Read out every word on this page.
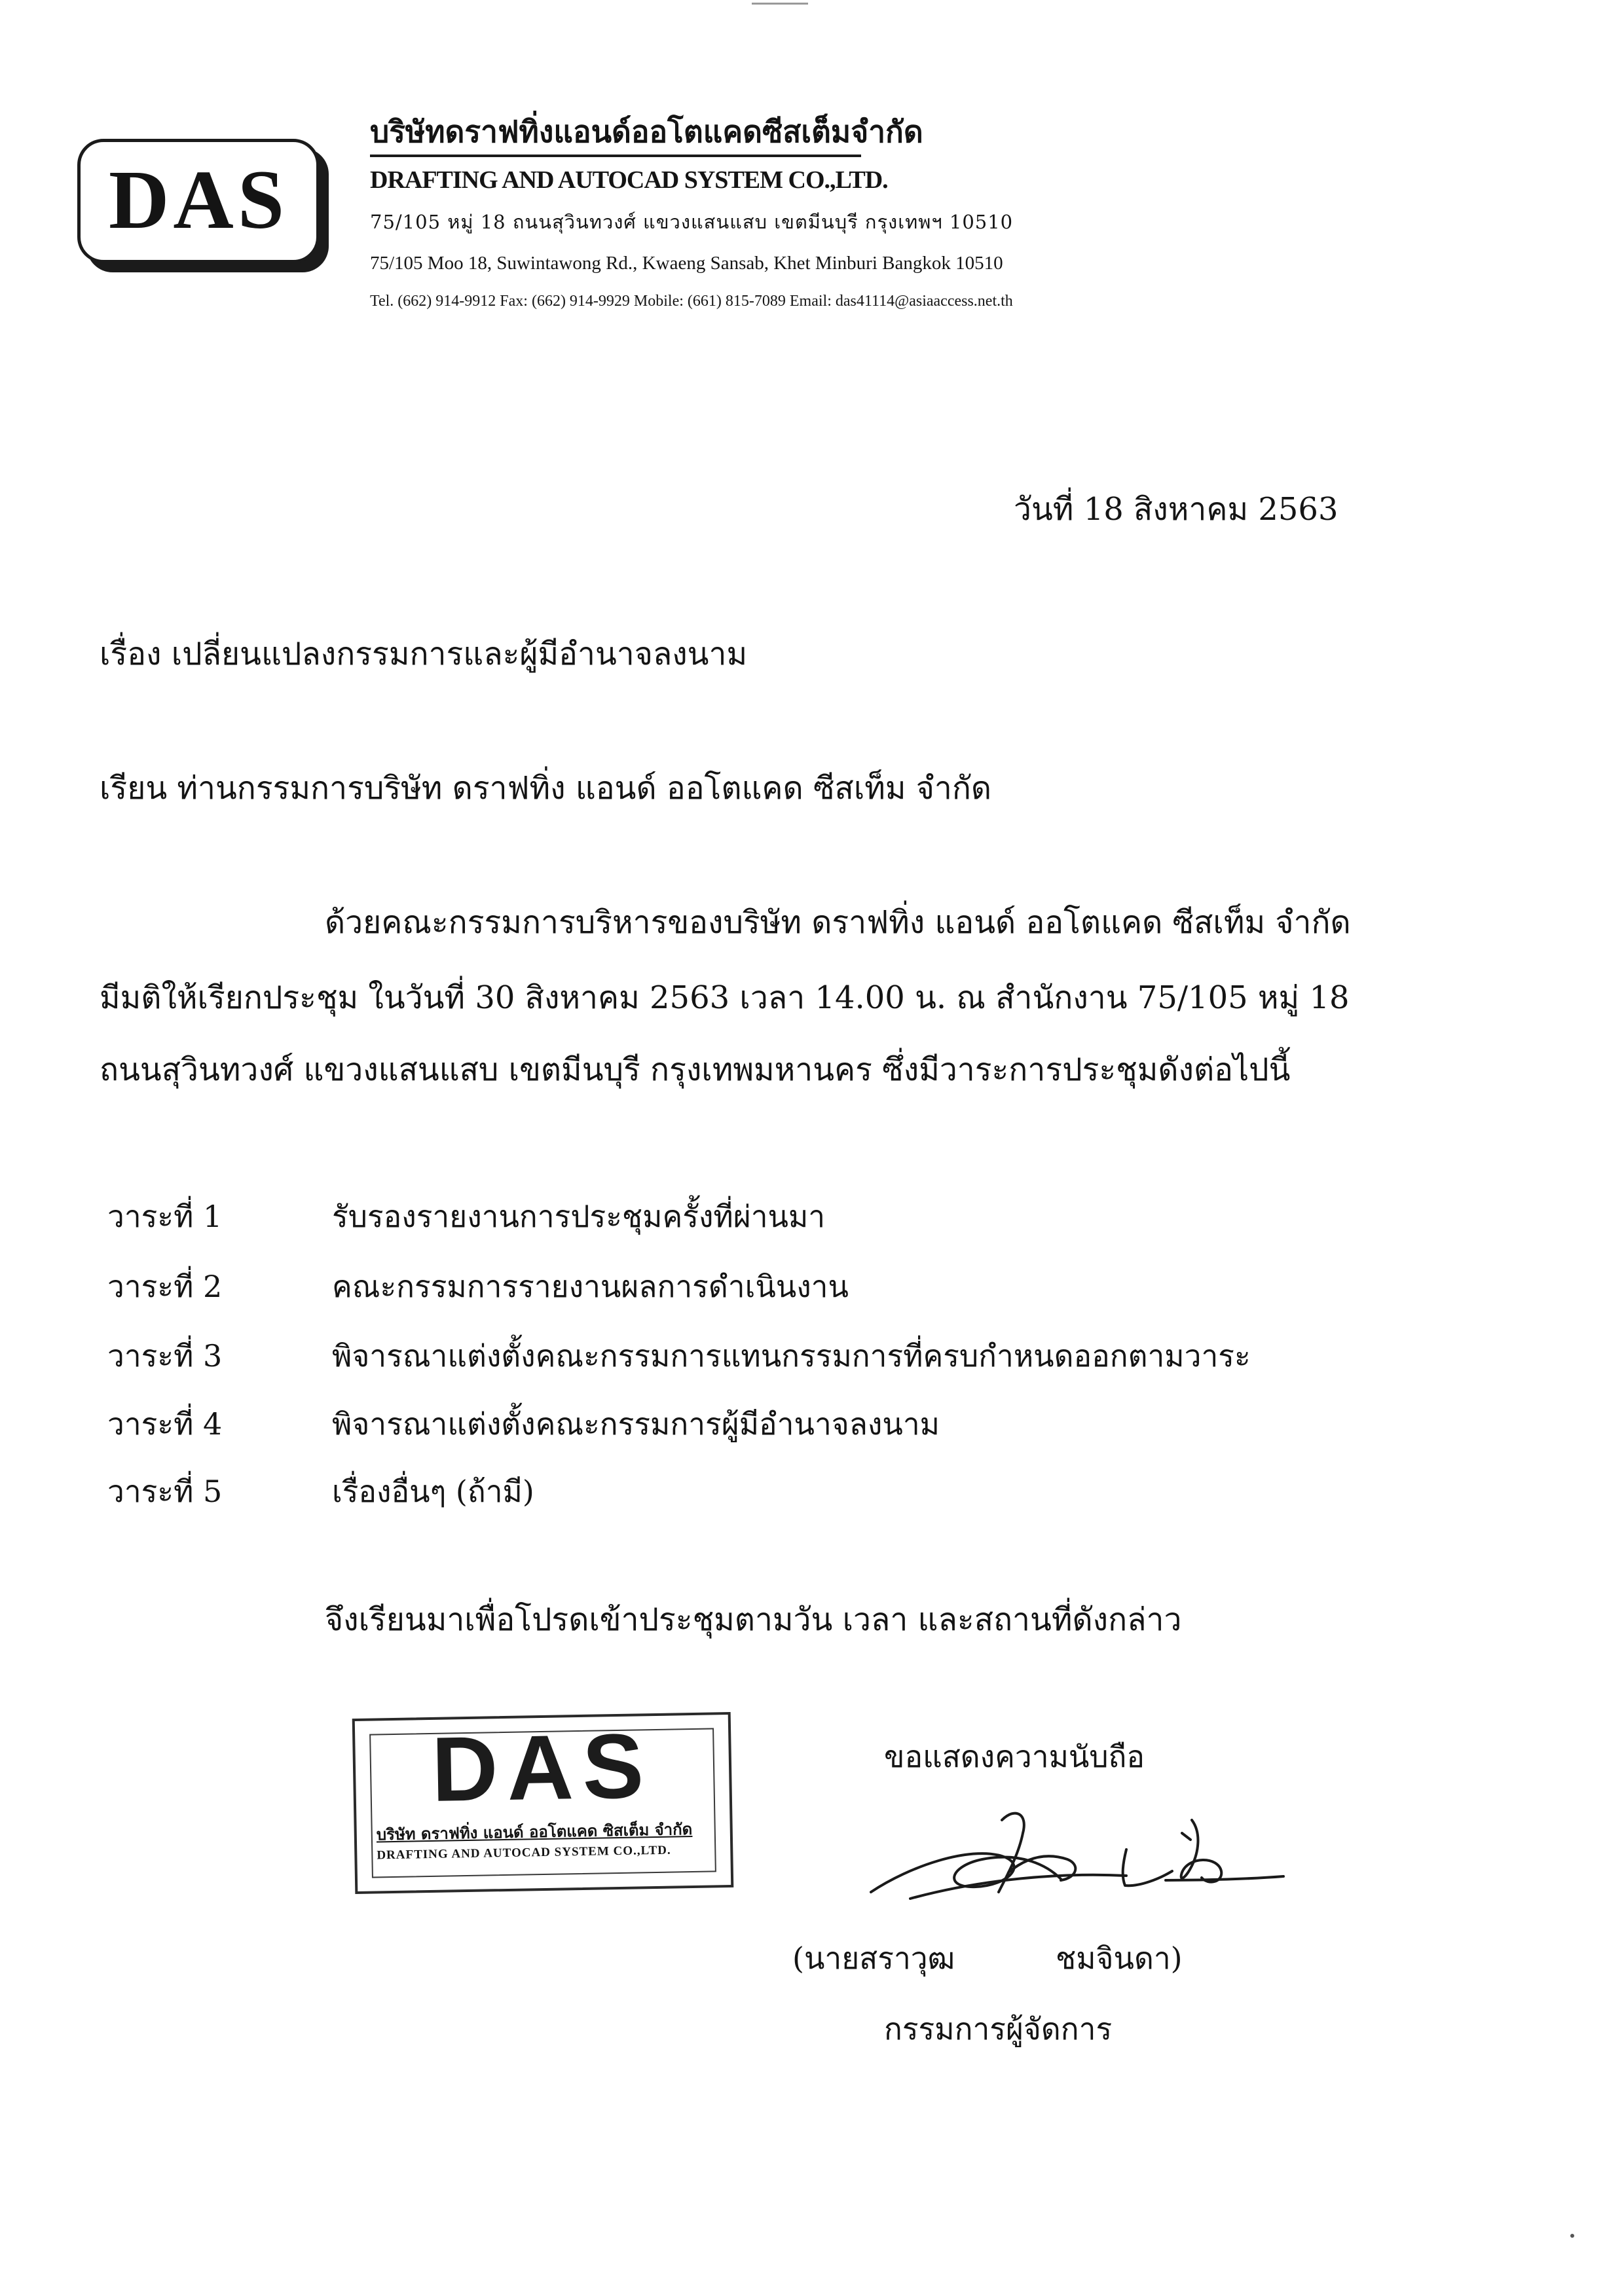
DAS
บริษัทดราฟทิ่งแอนด์ออโตแคดซีสเต็มจำกัด
DRAFTING AND AUTOCAD SYSTEM CO.,LTD.
75/105 หมู่ 18 ถนนสุวินทวงศ์ แขวงแสนแสบ เขตมีนบุรี กรุงเทพฯ 10510
75/105 Moo 18, Suwintawong Rd., Kwaeng Sansab, Khet Minburi Bangkok 10510
Tel. (662) 914-9912 Fax: (662) 914-9929 Mobile: (661) 815-7089 Email: das41114@asiaaccess.net.th
วันที่ 18 สิงหาคม 2563
เรื่อง เปลี่ยนแปลงกรรมการและผู้มีอำนาจลงนาม
เรียน ท่านกรรมการบริษัท ดราฟทิ่ง แอนด์ ออโตแคด ซีสเท็ม จำกัด
ด้วยคณะกรรมการบริหารของบริษัท ดราฟทิ่ง แอนด์ ออโตแคด ซีสเท็ม จำกัด
มีมติให้เรียกประชุม ในวันที่ 30 สิงหาคม 2563 เวลา 14.00 น. ณ สำนักงาน 75/105 หมู่ 18
ถนนสุวินทวงศ์ แขวงแสนแสบ เขตมีนบุรี กรุงเทพมหานคร ซึ่งมีวาระการประชุมดังต่อไปนี้
วาระที่ 1	รับรองรายงานการประชุมครั้งที่ผ่านมา
วาระที่ 2	คณะกรรมการรายงานผลการดำเนินงาน
วาระที่ 3	พิจารณาแต่งตั้งคณะกรรมการแทนกรรมการที่ครบกำหนดออกตามวาระ
วาระที่ 4	พิจารณาแต่งตั้งคณะกรรมการผู้มีอำนาจลงนาม
วาระที่ 5	เรื่องอื่นๆ (ถ้ามี)
จึงเรียนมาเพื่อโปรดเข้าประชุมตามวัน เวลา และสถานที่ดังกล่าว
ขอแสดงความนับถือ
DAS
บริษัท ดราฟทิ่ง แอนด์ ออโตแคด ซิสเต็ม จำกัด
DRAFTING AND AUTOCAD SYSTEM CO.,LTD.
(นายสราวุฒ	ชมจินดา)
กรรมการผู้จัดการ
